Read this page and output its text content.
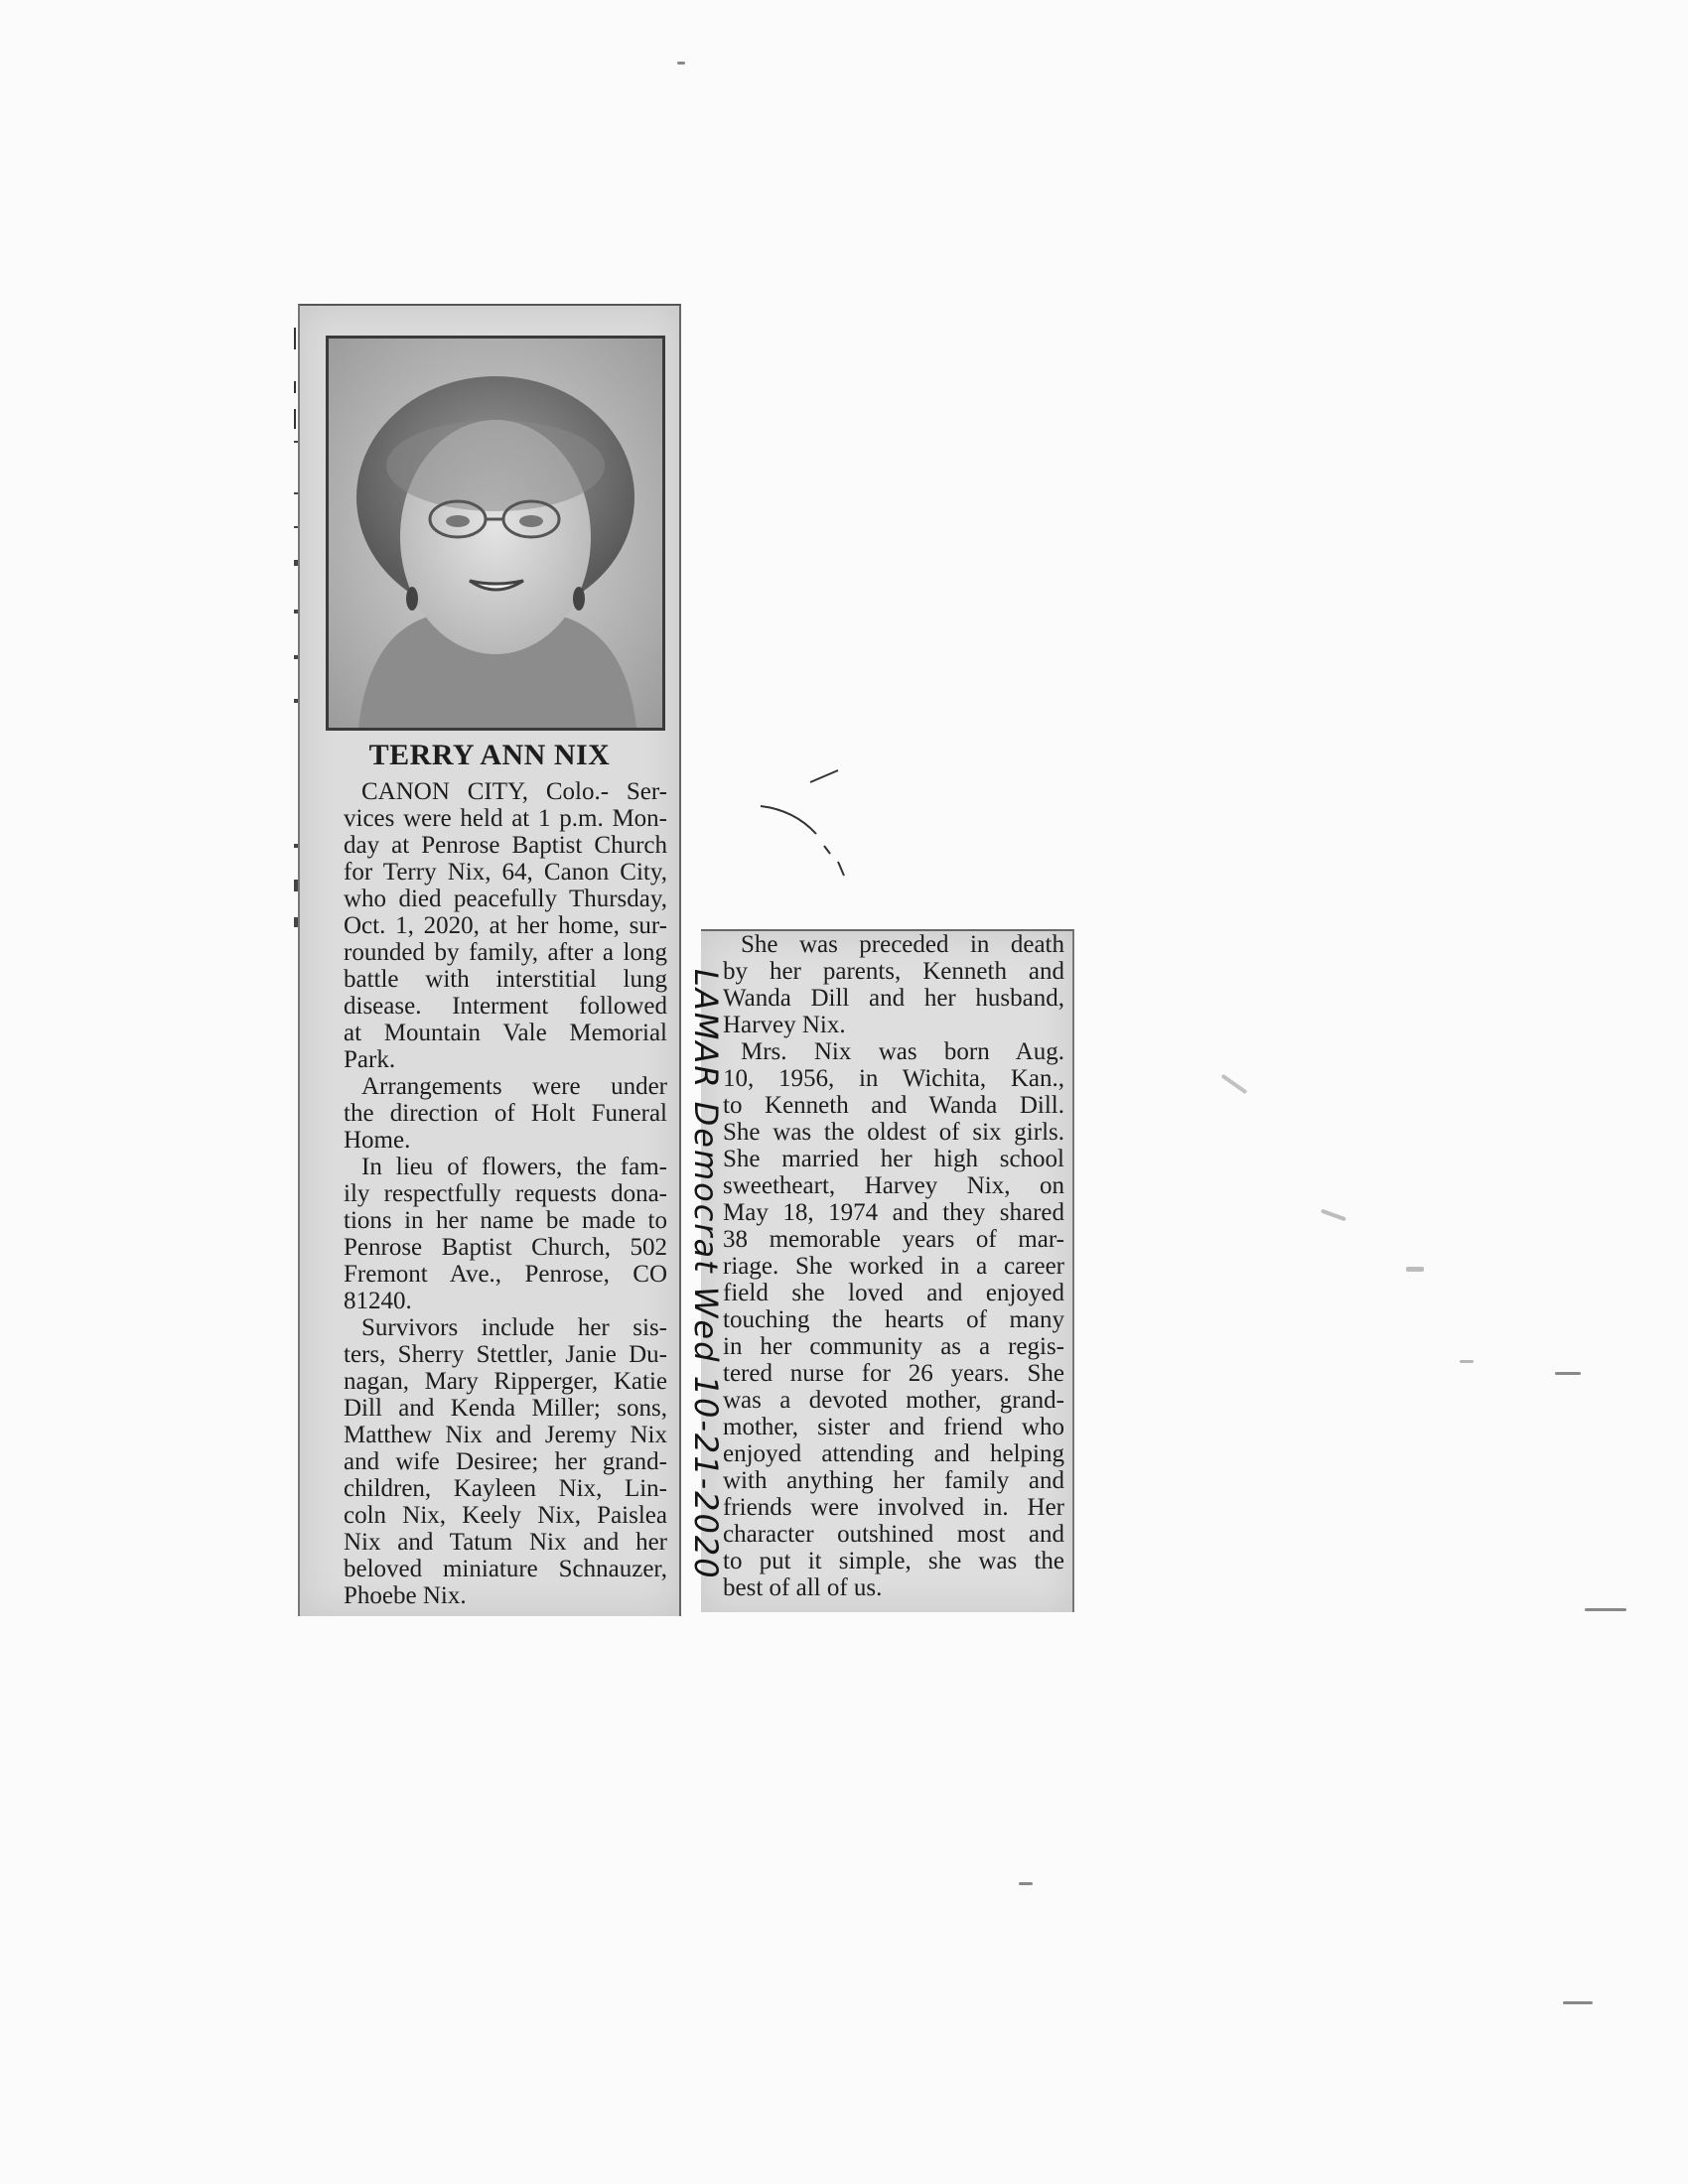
TERRY ANN NIX
CANON CITY, Colo.- Ser-
vices were held at 1 p.m. Mon-
day at Penrose Baptist Church
for Terry Nix, 64, Canon City,
who died peacefully Thursday,
Oct. 1, 2020, at her home, sur-
rounded by family, after a long
battle with interstitial lung
disease. Interment followed
at Mountain Vale Memorial
Park.
Arrangements were under
the direction of Holt Funeral
Home.
In lieu of flowers, the fam-
ily respectfully requests dona-
tions in her name be made to
Penrose Baptist Church, 502
Fremont Ave., Penrose, CO
81240.
Survivors include her sis-
ters, Sherry Stettler, Janie Du-
nagan, Mary Ripperger, Katie
Dill and Kenda Miller; sons,
Matthew Nix and Jeremy Nix
and wife Desiree; her grand-
children, Kayleen Nix, Lin-
coln Nix, Keely Nix, Paislea
Nix and Tatum Nix and her
beloved miniature Schnauzer,
Phoebe Nix.
She was preceded in death
by her parents, Kenneth and
Wanda Dill and her husband,
Harvey Nix.
Mrs. Nix was born Aug.
10, 1956, in Wichita, Kan.,
to Kenneth and Wanda Dill.
She was the oldest of six girls.
She married her high school
sweetheart, Harvey Nix, on
May 18, 1974 and they shared
38 memorable years of mar-
riage. She worked in a career
field she loved and enjoyed
touching the hearts of many
in her community as a regis-
tered nurse for 26 years. She
was a devoted mother, grand-
mother, sister and friend who
enjoyed attending and helping
with anything her family and
friends were involved in. Her
character outshined most and
to put it simple, she was the
best of all of us.
LAMAR Democrat Wed 10-21-2020
